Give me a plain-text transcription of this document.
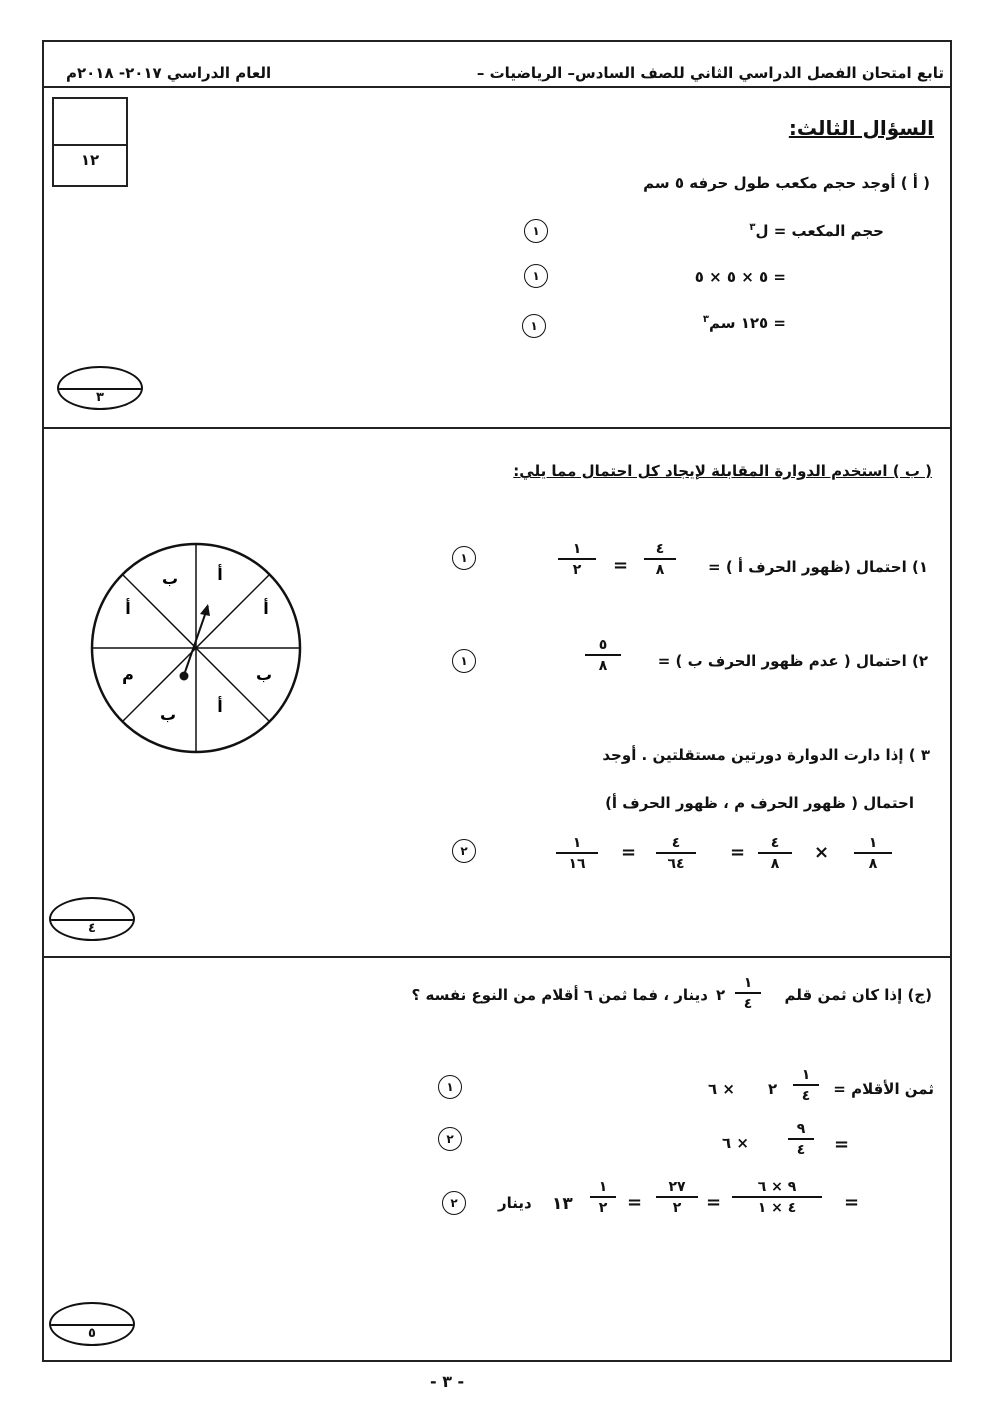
تابع امتحان الفصل الدراسي الثاني للصف السادس– الرياضيات –
العام الدراسي ٢٠١٧- ٢٠١٨م
١٢
السؤال الثالث:
( أ ) أوجد حجم مكعب طول حرفه ٥ سم
حجم المكعب = ل$^٣$
١
= ٥ × ٥ × ٥
١
= ١٢٥ سم$^٣$
١
٣
( ب ) استخدم الدوارة المقابلة لإيجاد كل احتمال مما يلي:
أ
أ
ب
أ
ب
م
أ
ب
١) احتمال (ظهور الحرف أ ) =
٤
٨
=
١
٢
١
٢) احتمال ( عدم ظهور الحرف ب ) =
٥
٨
١
٣ ) إذا دارت الدوارة دورتين مستقلتين . أوجد
احتمال ( ظهور الحرف م ، ظهور الحرف أ)
١
٨
×
٤
٨
=
٤
٦٤
=
١
١٦
٢
٤
(ج) إذا كان ثمن قلم
١
٤
٢
دينار ، فما ثمن ٦ أقلام من النوع نفسه ؟
ثمن الأقلام =
١
٤
٢
× ٦
١
=
٩
٤
× ٦
٢
=
٩ × ٦
٤ × ١
=
٢٧
٢
=
١
٢
١٣
دينار
٢
٥
- ٣ -
